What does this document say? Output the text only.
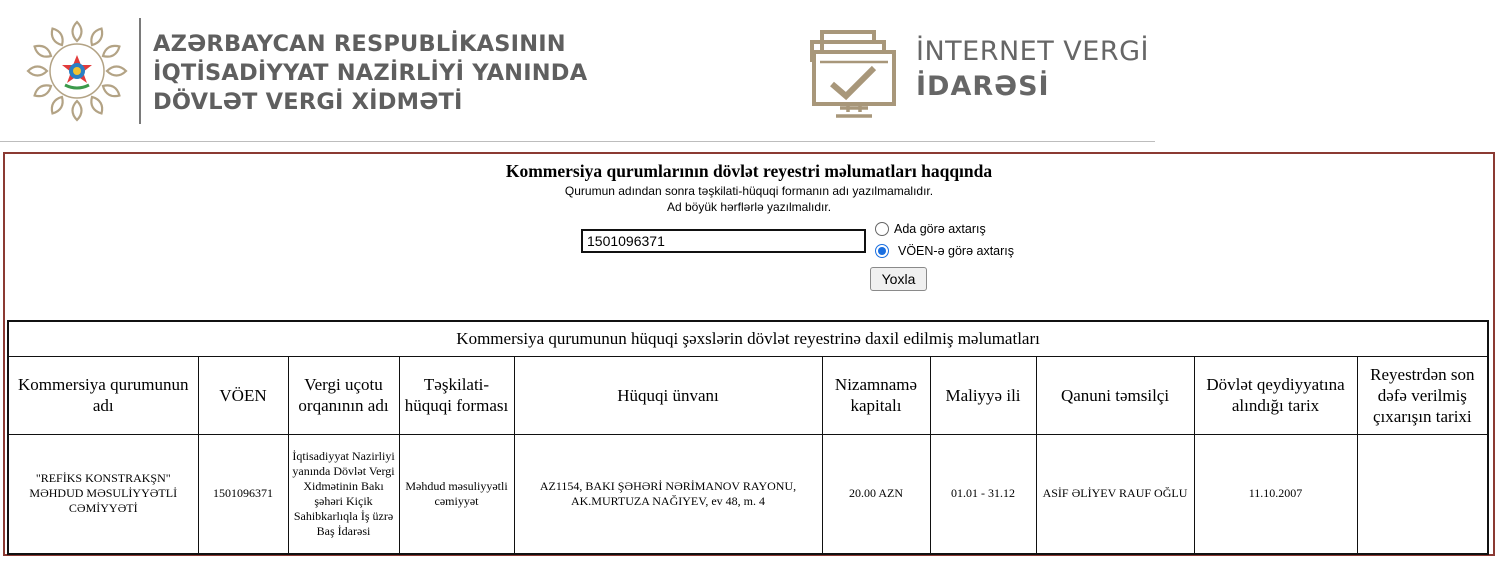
AZƏRBAYCAN RESPUBLİKASININ
İQTİSADİYYAT NAZİRLİYİ YANINDA
DÖVLƏT VERGİ XİDMƏTİ
İNTERNET VERGİ
İDARƏSİ
Kommersiya qurumlarının dövlət reyestri məlumatları haqqında
Qurumun adından sonra təşkilati-hüquqi formanın adı yazılmamalıdır.
Ad böyük hərflərlə yazılmalıdır.
1501096371
Ada görə axtarış
VÖEN-ə görə axtarış
Yoxla
Kommersiya qurumunun hüquqi şəxslərin dövlət reyestrinə daxil edilmiş məlumatları									
Kommersiya qurumunun adı	VÖEN	Vergi uçotu orqanının adı	Təşkilati-hüquqi forması	Hüquqi ünvanı	Nizamnamə kapitalı	Maliyyə ili	Qanuni təmsilçi	Dövlət qeydiyyatına alındığı tarix	Reyestrdən son dəfə verilmiş çıxarışın tarixi
"REFİKS KONSTRAKŞN" MƏHDUD MƏSULİYYƏTLİ CƏMİYYƏTİ	1501096371	İqtisadiyyat Nazirliyi yanında Dövlət Vergi Xidmətinin Bakı şəhəri Kiçik Sahibkarlıqla İş üzrə Baş İdarəsi	Məhdud məsuliyyətli cəmiyyət	AZ1154, BAKI ŞƏHƏRİ NƏRİMANOV RAYONU, AK.MURTUZA NAĞIYEV, ev 48, m. 4	20.00 AZN	01.01 - 31.12	ASİF ƏLİYEV RAUF OĞLU	11.10.2007	
